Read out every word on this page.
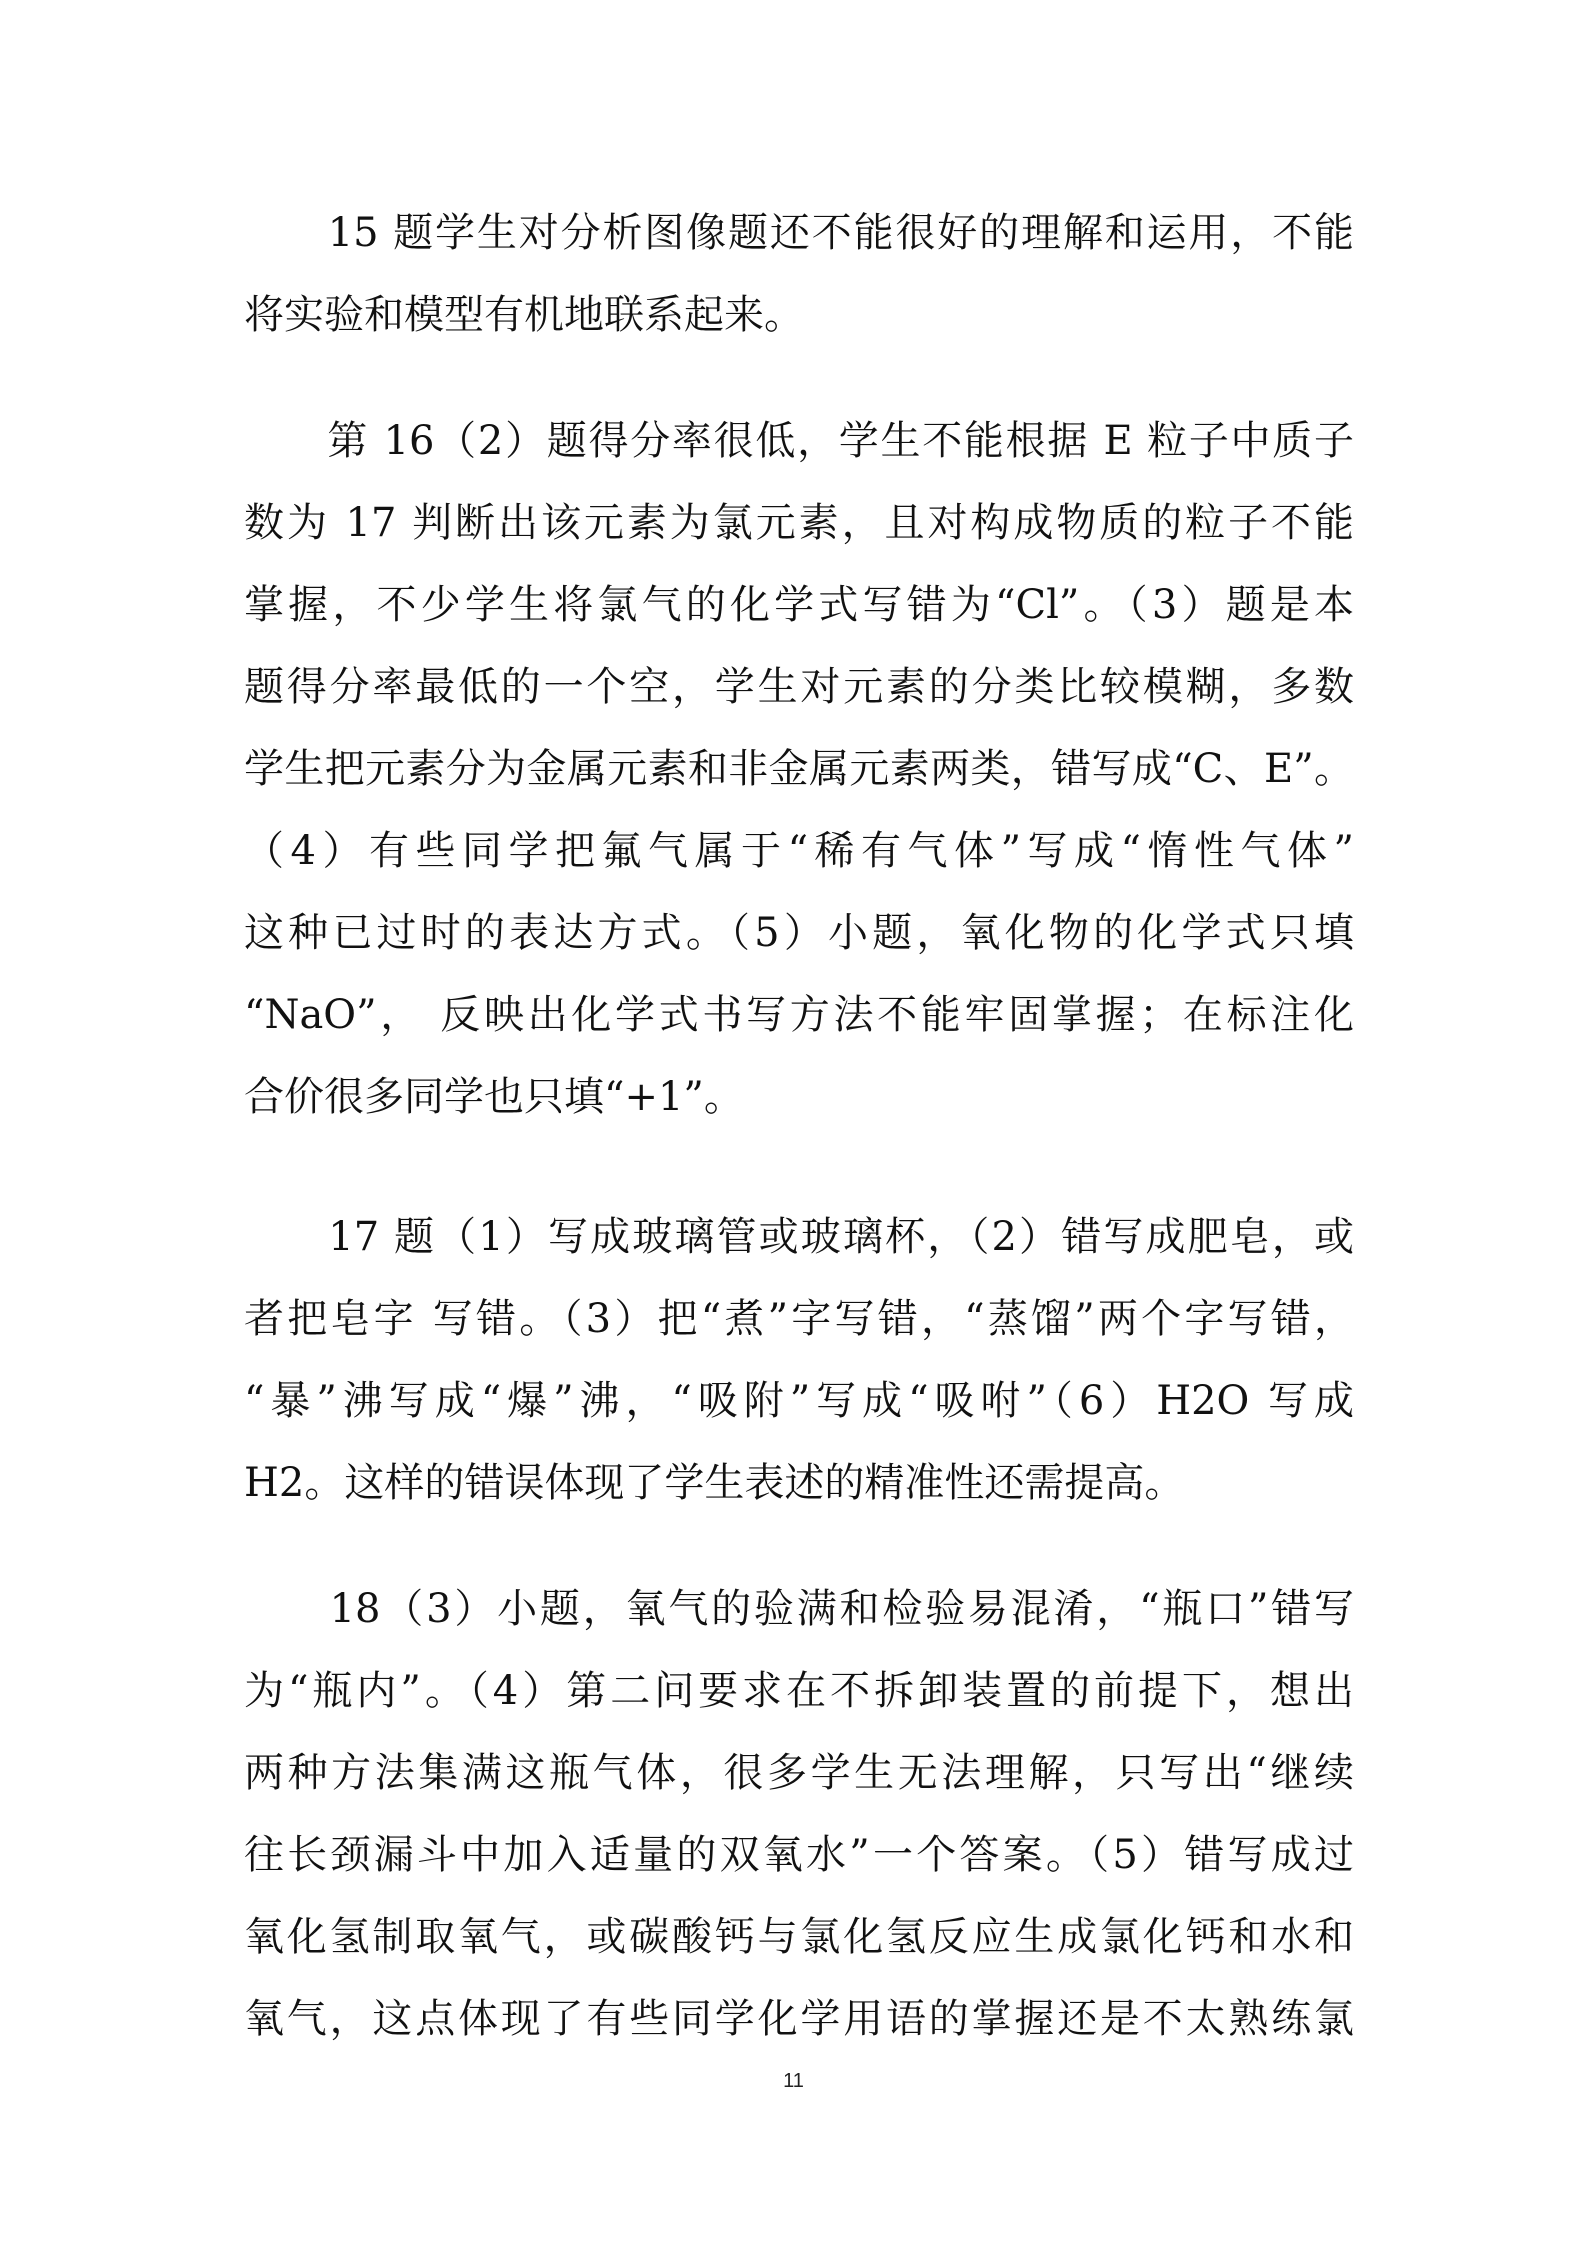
　　15 题学生对分析图像题还不能很好的理解和运用，不能
将实验和模型有机地联系起来。
　　第 16（2）题得分率很低，学生不能根据 E 粒子中质子
数为 17 判断出该元素为氯元素，且对构成物质的粒子不能
掌握，不少学生将氯气的化学式写错为“Cl”。（3）题是本
题得分率最低的一个空，学生对元素的分类比较模糊，多数
学生把元素分为金属元素和非金属元素两类，错写成“C、E”。
（4）有些同学把氟气属于“稀有气体”写成“惰性气体”
这种已过时的表达方式。（5）小题，氧化物的化学式只填
“NaO”， 反映出化学式书写方法不能牢固掌握；在标注化
合价很多同学也只填“+1”。
　　17 题（1）写成玻璃管或玻璃杯，（2）错写成肥皂，或
者把皂字 写错。（3）把“煮”字写错，“蒸馏”两个字写错，
“暴”沸写成“爆”沸，“吸附”写成“吸咐”（6）H2O 写成
H2。这样的错误体现了学生表述的精准性还需提高。
　　18（3）小题，氧气的验满和检验易混淆，“瓶口”错写
为“瓶内”。（4）第二问要求在不拆卸装置的前提下，想出
两种方法集满这瓶气体，很多学生无法理解，只写出“继续
往长颈漏斗中加入适量的双氧水”一个答案。（5）错写成过
氧化氢制取氧气，或碳酸钙与氯化氢反应生成氯化钙和水和
氧气，这点体现了有些同学化学用语的掌握还是不太熟练氯
11
